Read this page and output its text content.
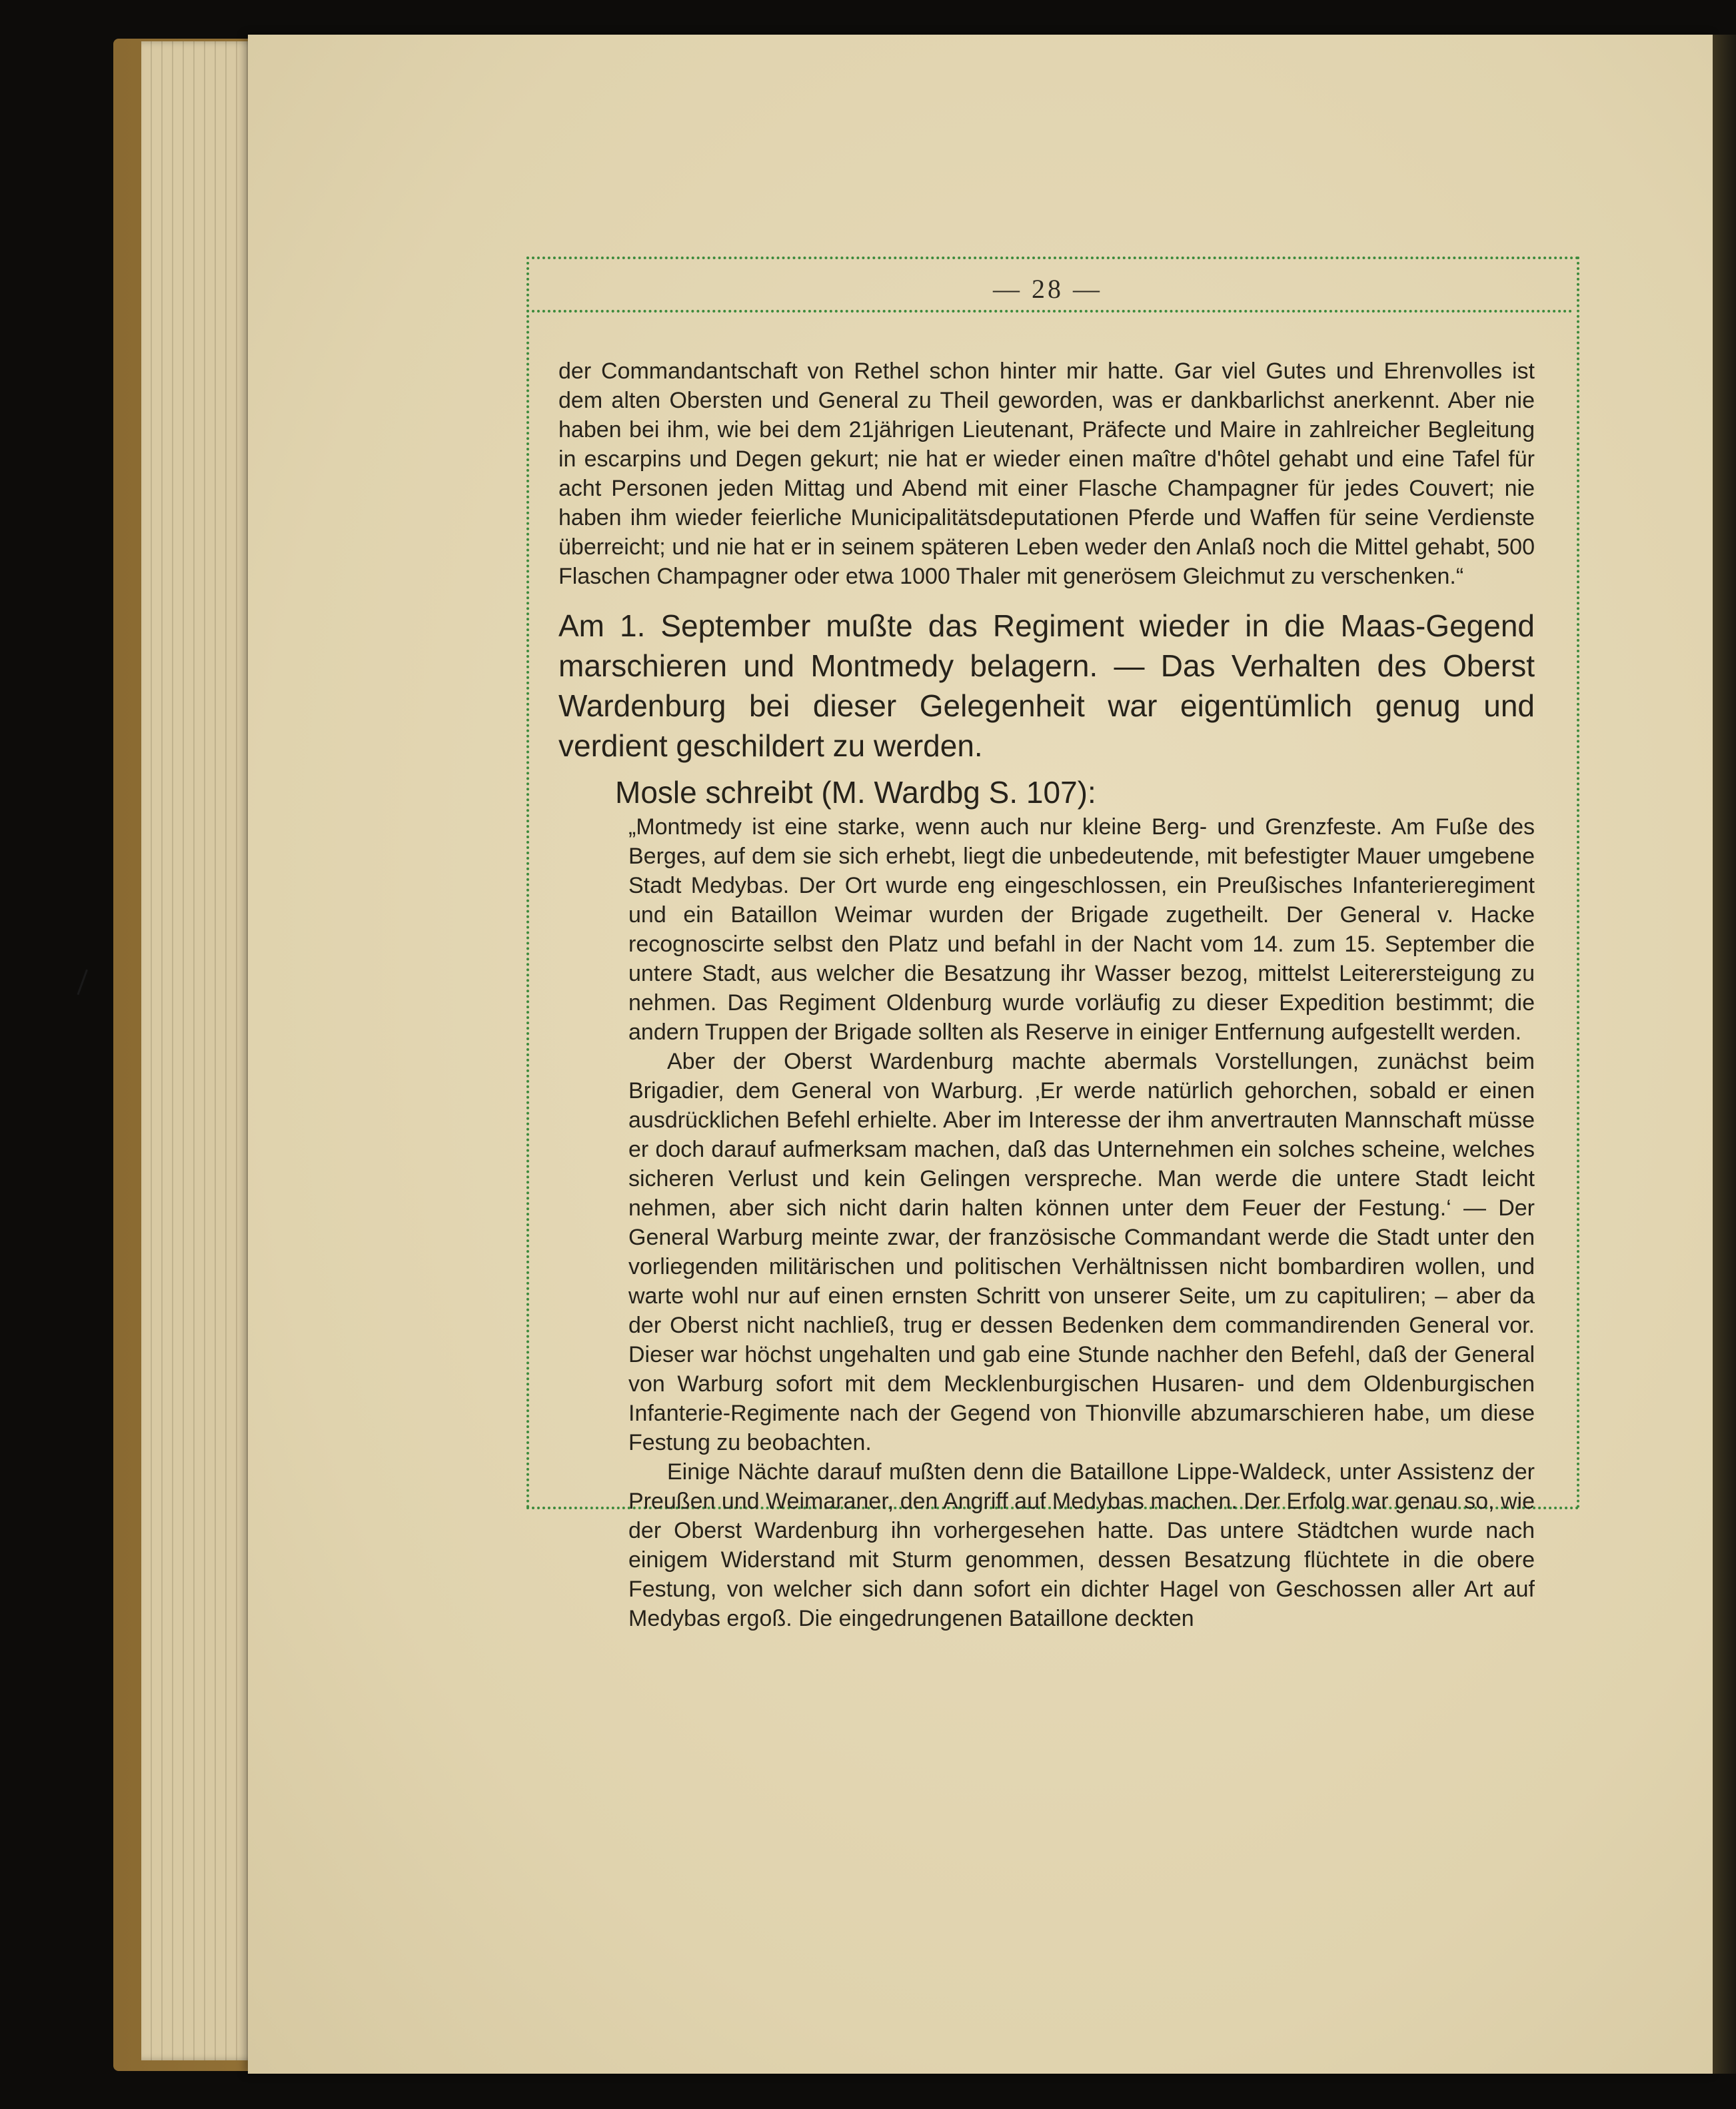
— 28 —

der Commandantschaft von Rethel schon hinter mir hatte. Gar viel Gutes und Ehrenvolles ist dem alten Obersten und General zu Theil geworden, was er dankbarlichst anerkennt. Aber nie haben bei ihm, wie bei dem 21jährigen Lieutenant, Präfecte und Maire in zahlreicher Begleitung in escarpins und Degen gekurt; nie hat er wieder einen maître d'hôtel gehabt und eine Tafel für acht Personen jeden Mittag und Abend mit einer Flasche Champagner für jedes Couvert; nie haben ihm wieder feierliche Municipalitätsdeputationen Pferde und Waffen für seine Verdienste überreicht; und nie hat er in seinem späteren Leben weder den Anlaß noch die Mittel gehabt, 500 Flaschen Champagner oder etwa 1000 Thaler mit generösem Gleichmut zu verschenken.“

Am 1. September mußte das Regiment wieder in die Maas-Gegend marschieren und Montmedy belagern. — Das Verhalten des Oberst Wardenburg bei dieser Gelegenheit war eigentümlich genug und verdient geschildert zu werden.

Mosle schreibt (M. Wardbg S. 107):

„Montmedy ist eine starke, wenn auch nur kleine Berg- und Grenzfeste. Am Fuße des Berges, auf dem sie sich erhebt, liegt die unbedeutende, mit befestigter Mauer umgebene Stadt Medybas. Der Ort wurde eng eingeschlossen, ein Preußisches Infanterieregiment und ein Bataillon Weimar wurden der Brigade zugetheilt. Der General v. Hacke recognoscirte selbst den Platz und befahl in der Nacht vom 14. zum 15. September die untere Stadt, aus welcher die Besatzung ihr Wasser bezog, mittelst Leiterersteigung zu nehmen. Das Regiment Oldenburg wurde vorläufig zu dieser Expedition bestimmt; die andern Truppen der Brigade sollten als Reserve in einiger Entfernung aufgestellt werden.

Aber der Oberst Wardenburg machte abermals Vorstellungen, zunächst beim Brigadier, dem General von Warburg. ‚Er werde natürlich gehorchen, sobald er einen ausdrücklichen Befehl erhielte. Aber im Interesse der ihm anvertrauten Mannschaft müsse er doch darauf aufmerksam machen, daß das Unternehmen ein solches scheine, welches sicheren Verlust und kein Gelingen verspreche. Man werde die untere Stadt leicht nehmen, aber sich nicht darin halten können unter dem Feuer der Festung.‘ — Der General Warburg meinte zwar, der französische Commandant werde die Stadt unter den vorliegenden militärischen und politischen Verhältnissen nicht bombardiren wollen, und warte wohl nur auf einen ernsten Schritt von unserer Seite, um zu capituliren; – aber da der Oberst nicht nachließ, trug er dessen Bedenken dem commandirenden General vor. Dieser war höchst ungehalten und gab eine Stunde nachher den Befehl, daß der General von Warburg sofort mit dem Mecklenburgischen Husaren- und dem Oldenburgischen Infanterie-Regimente nach der Gegend von Thionville abzumarschieren habe, um diese Festung zu beobachten.

Einige Nächte darauf mußten denn die Bataillone Lippe-Waldeck, unter Assistenz der Preußen und Weimaraner, den Angriff auf Medybas machen. Der Erfolg war genau so, wie der Oberst Wardenburg ihn vorhergesehen hatte. Das untere Städtchen wurde nach einigem Widerstand mit Sturm genommen, dessen Besatzung flüchtete in die obere Festung, von welcher sich dann sofort ein dichter Hagel von Geschossen aller Art auf Medybas ergoß. Die eingedrungenen Bataillone deckten
